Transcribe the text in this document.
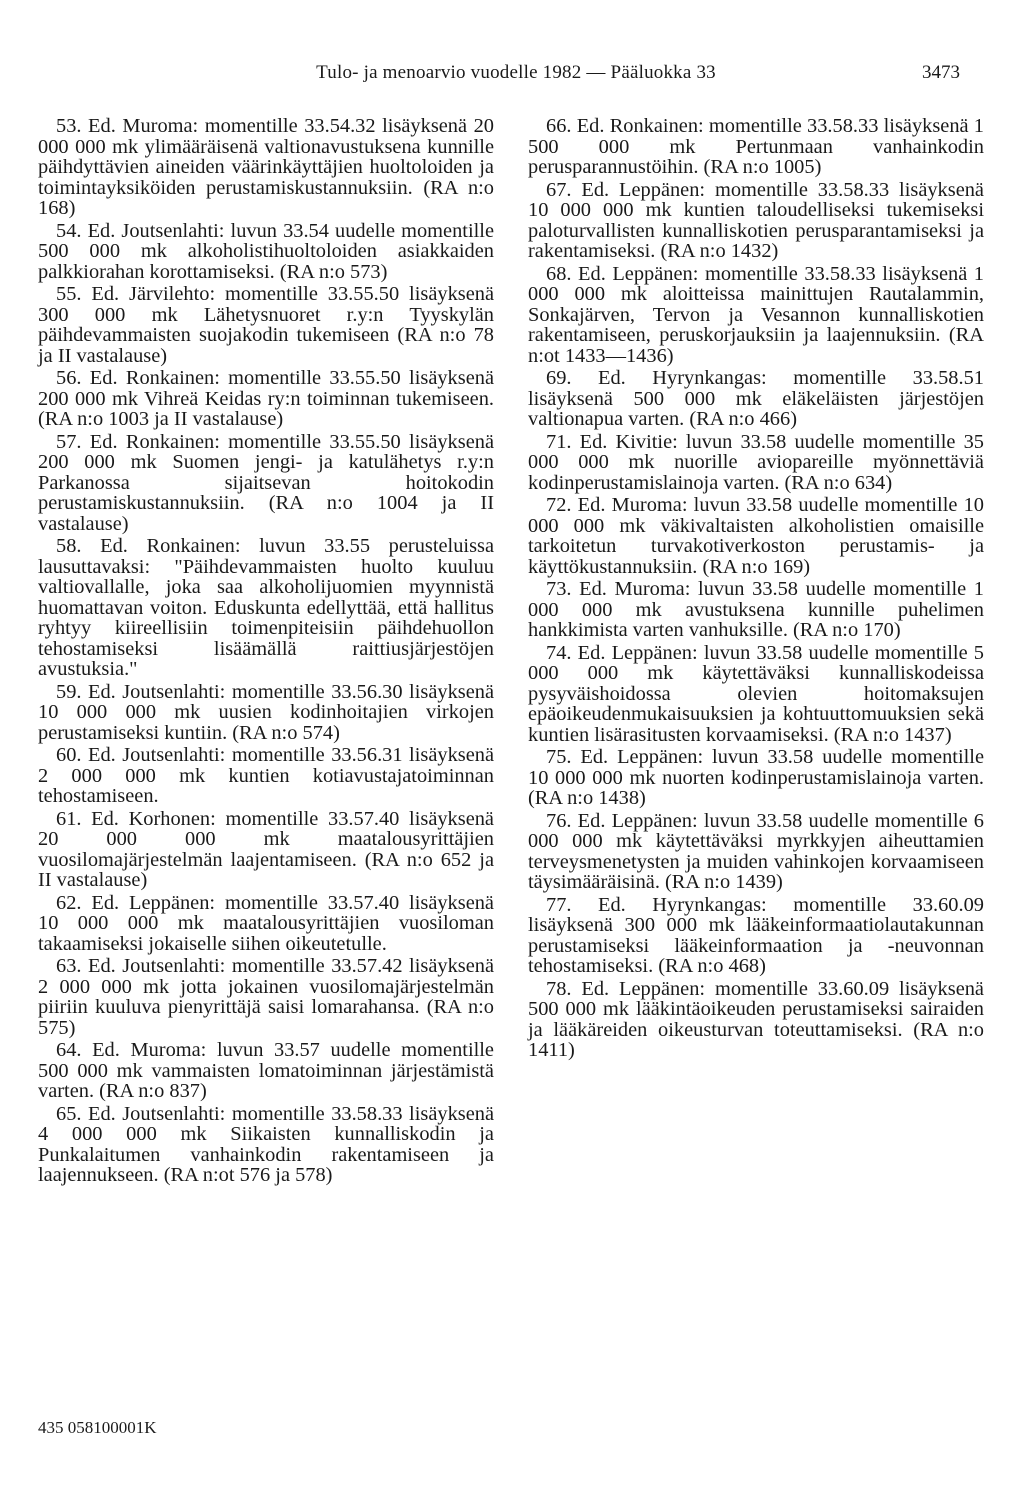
Tulo- ja menoarvio vuodelle 1982 — Pääluokka 33	3473

53. Ed. Muroma: momentille 33.54.32 lisäyksenä 20 000 000 mk ylimääräisenä valtionavustuksena kunnille päihdyttävien aineiden väärinkäyttäjien huoltoloiden ja toimintayksiköiden perustamiskustannuksiin. (RA n:o 168)

54. Ed. Joutsenlahti: luvun 33.54 uudelle momentille 500 000 mk alkoholistihuoltoloiden asiakkaiden palkkiorahan korottamiseksi. (RA n:o 573)

55. Ed. Järvilehto: momentille 33.55.50 lisäyksenä 300 000 mk Lähetysnuoret r.y:n Tyyskylän päihdevammaisten suojakodin tukemiseen (RA n:o 78 ja II vastalause)

56. Ed. Ronkainen: momentille 33.55.50 lisäyksenä 200 000 mk Vihreä Keidas ry:n toiminnan tukemiseen. (RA n:o 1003 ja II vastalause)

57. Ed. Ronkainen: momentille 33.55.50 lisäyksenä 200 000 mk Suomen jengi- ja katulähetys r.y:n Parkanossa sijaitsevan hoitokodin perustamiskustannuksiin. (RA n:o 1004 ja II vastalause)

58. Ed. Ronkainen: luvun 33.55 perusteluissa lausuttavaksi: "Päihdevammaisten huolto kuuluu valtiovallalle, joka saa alkoholijuomien myynnistä huomattavan voiton. Eduskunta edellyttää, että hallitus ryhtyy kiireellisiin toimenpiteisiin päihdehuollon tehostamiseksi lisäämällä raittiusjärjestöjen avustuksia."

59. Ed. Joutsenlahti: momentille 33.56.30 lisäyksenä 10 000 000 mk uusien kodinhoitajien virkojen perustamiseksi kuntiin. (RA n:o 574)

60. Ed. Joutsenlahti: momentille 33.56.31 lisäyksenä 2 000 000 mk kuntien kotiavustajatoiminnan tehostamiseen.

61. Ed. Korhonen: momentille 33.57.40 lisäyksenä 20 000 000 mk maatalousyrittäjien vuosilomajärjestelmän laajentamiseen. (RA n:o 652 ja II vastalause)

62. Ed. Leppänen: momentille 33.57.40 lisäyksenä 10 000 000 mk maatalousyrittäjien vuosiloman takaamiseksi jokaiselle siihen oikeutetulle.

63. Ed. Joutsenlahti: momentille 33.57.42 lisäyksenä 2 000 000 mk jotta jokainen vuosilomajärjestelmän piiriin kuuluva pienyrittäjä saisi lomarahansa. (RA n:o 575)

64. Ed. Muroma: luvun 33.57 uudelle momentille 500 000 mk vammaisten lomatoiminnan järjestämistä varten. (RA n:o 837)

65. Ed. Joutsenlahti: momentille 33.58.33 lisäyksenä 4 000 000 mk Siikaisten kunnalliskodin ja Punkalaitumen vanhainkodin rakentamiseen ja laajennukseen. (RA n:ot 576 ja 578)

66. Ed. Ronkainen: momentille 33.58.33 lisäyksenä 1 500 000 mk Pertunmaan vanhainkodin perusparannustöihin. (RA n:o 1005)

67. Ed. Leppänen: momentille 33.58.33 lisäyksenä 10 000 000 mk kuntien taloudelliseksi tukemiseksi paloturvallisten kunnalliskotien perusparantamiseksi ja rakentamiseksi. (RA n:o 1432)

68. Ed. Leppänen: momentille 33.58.33 lisäyksenä 1 000 000 mk aloitteissa mainittujen Rautalammin, Sonkajärven, Tervon ja Vesannon kunnalliskotien rakentamiseen, peruskorjauksiin ja laajennuksiin. (RA n:ot 1433—1436)

69. Ed. Hyrynkangas: momentille 33.58.51 lisäyksenä 500 000 mk eläkeläisten järjestöjen valtionapua varten. (RA n:o 466)

71. Ed. Kivitie: luvun 33.58 uudelle momentille 35 000 000 mk nuorille aviopareille myönnettäviä kodinperustamislainoja varten. (RA n:o 634)

72. Ed. Muroma: luvun 33.58 uudelle momentille 10 000 000 mk väkivaltaisten alkoholistien omaisille tarkoitetun turvakotiverkoston perustamis- ja käyttökustannuksiin. (RA n:o 169)

73. Ed. Muroma: luvun 33.58 uudelle momentille 1 000 000 mk avustuksena kunnille puhelimen hankkimista varten vanhuksille. (RA n:o 170)

74. Ed. Leppänen: luvun 33.58 uudelle momentille 5 000 000 mk käytettäväksi kunnalliskodeissa pysyväishoidossa olevien hoitomaksujen epäoikeudenmukaisuuksien ja kohtuuttomuuksien sekä kuntien lisärasitusten korvaamiseksi. (RA n:o 1437)

75. Ed. Leppänen: luvun 33.58 uudelle momentille 10 000 000 mk nuorten kodinperustamislainoja varten. (RA n:o 1438)

76. Ed. Leppänen: luvun 33.58 uudelle momentille 6 000 000 mk käytettäväksi myrkkyjen aiheuttamien terveysmenetysten ja muiden vahinkojen korvaamiseen täysimääräisinä. (RA n:o 1439)

77. Ed. Hyrynkangas: momentille 33.60.09 lisäyksenä 300 000 mk lääkeinformaatiolautakunnan perustamiseksi lääkeinformaation ja -neuvonnan tehostamiseksi. (RA n:o 468)

78. Ed. Leppänen: momentille 33.60.09 lisäyksenä 500 000 mk lääkintäoikeuden perustamiseksi sairaiden ja lääkäreiden oikeusturvan toteuttamiseksi. (RA n:o 1411)

435 058100001K
